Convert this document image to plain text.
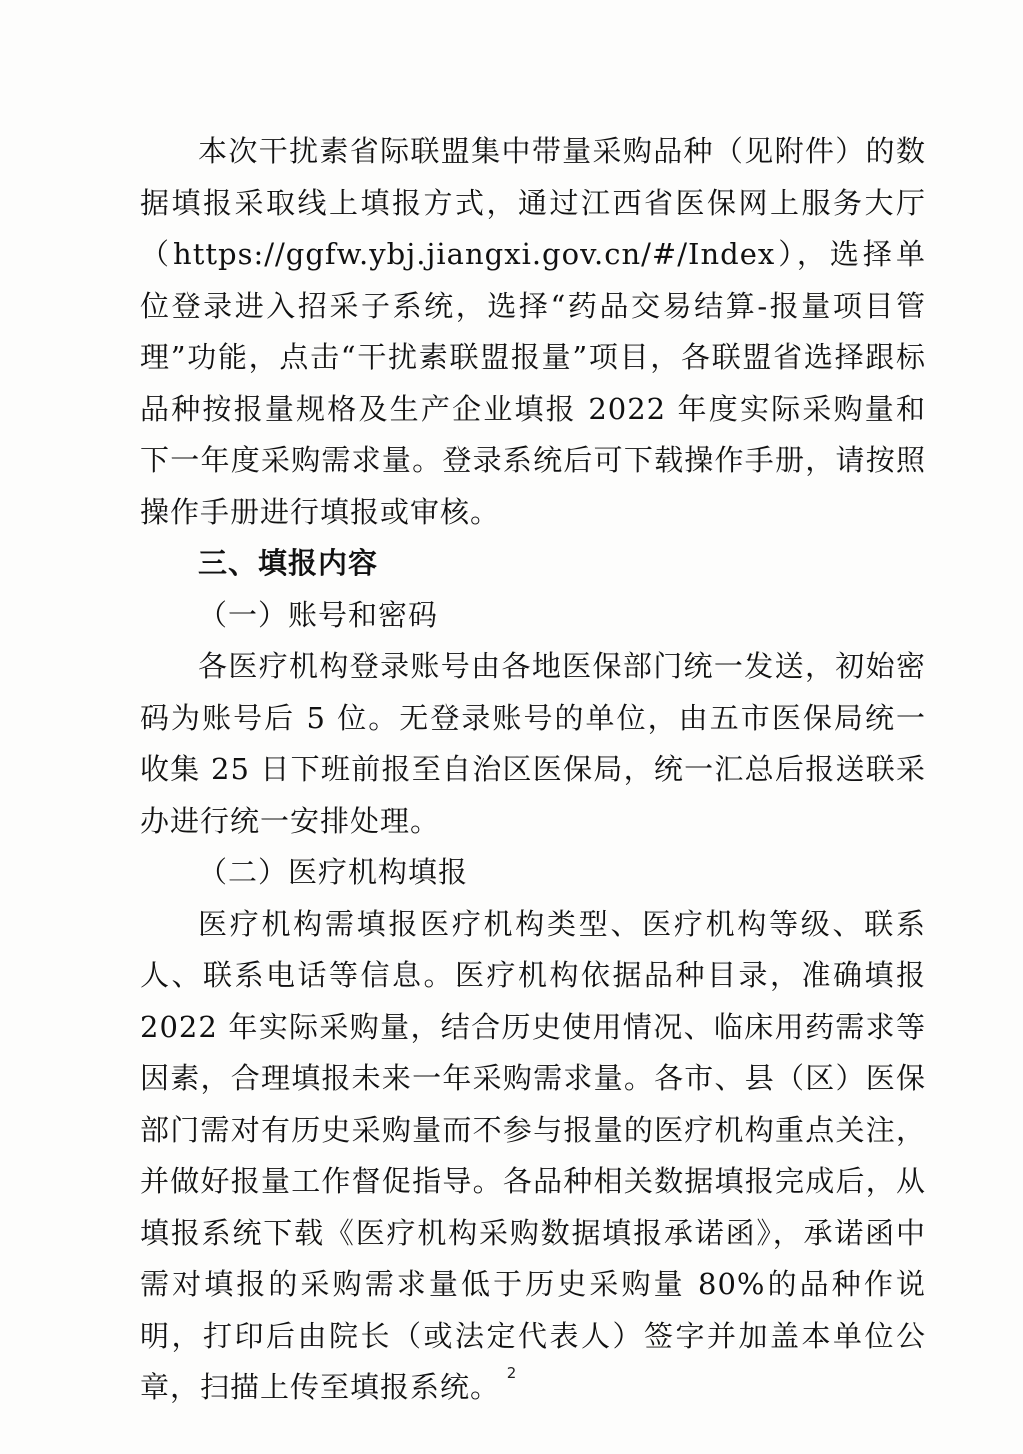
本次干扰素省际联盟集中带量采购品种（见附件）的数据填报采取线上填报方式，通过江西省医保网上服务大厅（https://ggfw.ybj.jiangxi.gov.cn/#/Index），选择单位登录进入招采子系统，选择“药品交易结算-报量项目管理”功能，点击“干扰素联盟报量”项目，各联盟省选择跟标品种按报量规格及生产企业填报 2022 年度实际采购量和下一年度采购需求量。登录系统后可下载操作手册，请按照操作手册进行填报或审核。

三、填报内容
（一）账号和密码

各医疗机构登录账号由各地医保部门统一发送，初始密码为账号后 5 位。无登录账号的单位，由五市医保局统一收集 25 日下班前报至自治区医保局，统一汇总后报送联采办进行统一安排处理。

（二）医疗机构填报

医疗机构需填报医疗机构类型、医疗机构等级、联系人、联系电话等信息。医疗机构依据品种目录，准确填报 2022 年实际采购量，结合历史使用情况、临床用药需求等因素，合理填报未来一年采购需求量。各市、县（区）医保部门需对有历史采购量而不参与报量的医疗机构重点关注，并做好报量工作督促指导。各品种相关数据填报完成后，从填报系统下载《医疗机构采购数据填报承诺函》，承诺函中需对填报的采购需求量低于历史采购量 80%的品种作说明，打印后由院长（或法定代表人）签字并加盖本单位公章，扫描上传至填报系统。 2
